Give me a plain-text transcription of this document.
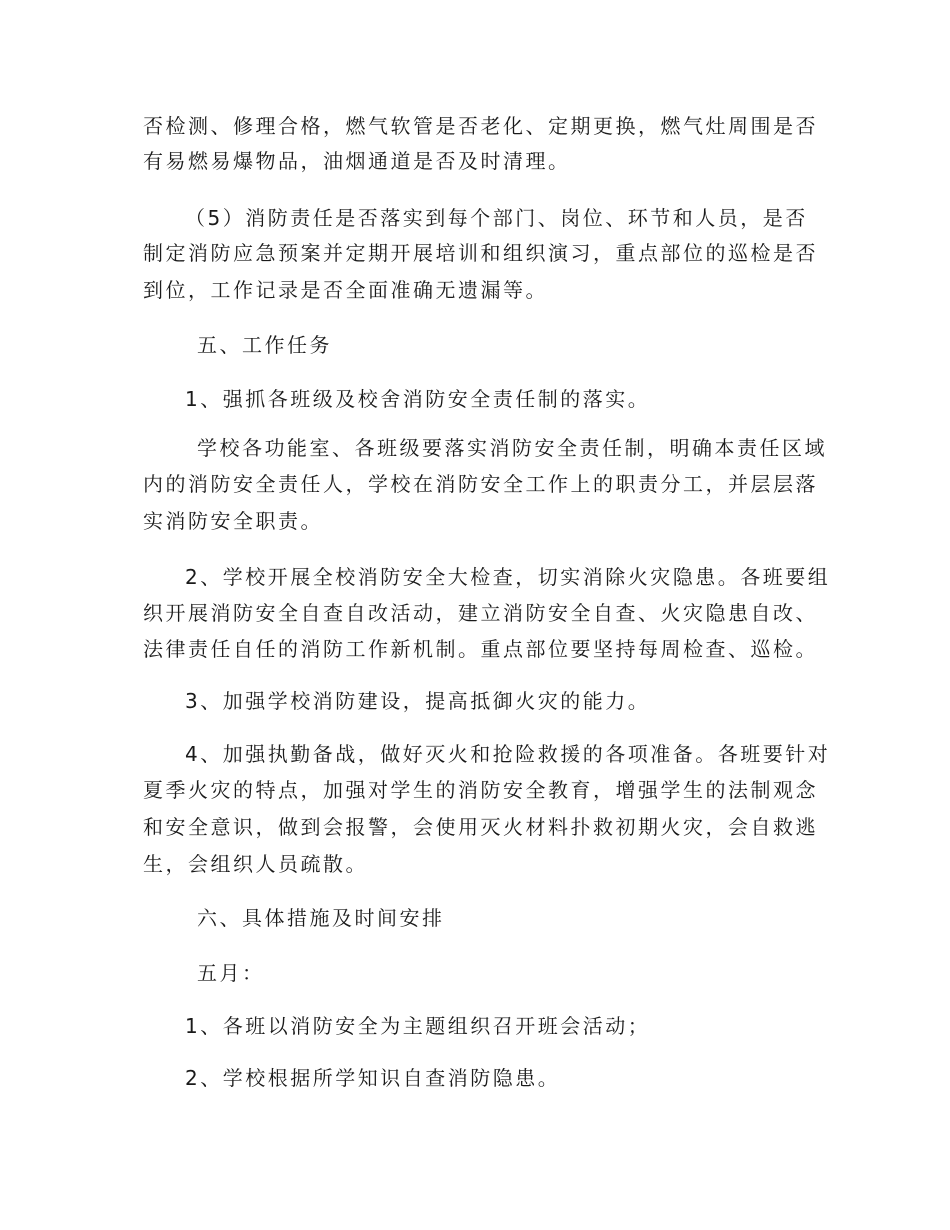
否检测、修理合格，燃气软管是否老化、定期更换，燃气灶周围是否
有易燃易爆物品，油烟通道是否及时清理。
（5）消防责任是否落实到每个部门、岗位、环节和人员，是否
制定消防应急预案并定期开展培训和组织演习，重点部位的巡检是否
到位，工作记录是否全面准确无遗漏等。
五、工作任务
1、强抓各班级及校舍消防安全责任制的落实。
学校各功能室、各班级要落实消防安全责任制，明确本责任区域
内的消防安全责任人，学校在消防安全工作上的职责分工，并层层落
实消防安全职责。
2、学校开展全校消防安全大检查，切实消除火灾隐患。各班要组
织开展消防安全自查自改活动，建立消防安全自查、火灾隐患自改、
法律责任自任的消防工作新机制。重点部位要坚持每周检查、巡检。
3、加强学校消防建设，提高抵御火灾的能力。
4、加强执勤备战，做好灭火和抢险救援的各项准备。各班要针对
夏季火灾的特点，加强对学生的消防安全教育，增强学生的法制观念
和安全意识，做到会报警，会使用灭火材料扑救初期火灾，会自救逃
生，会组织人员疏散。
六、具体措施及时间安排
五月：
1、各班以消防安全为主题组织召开班会活动；
2、学校根据所学知识自查消防隐患。
